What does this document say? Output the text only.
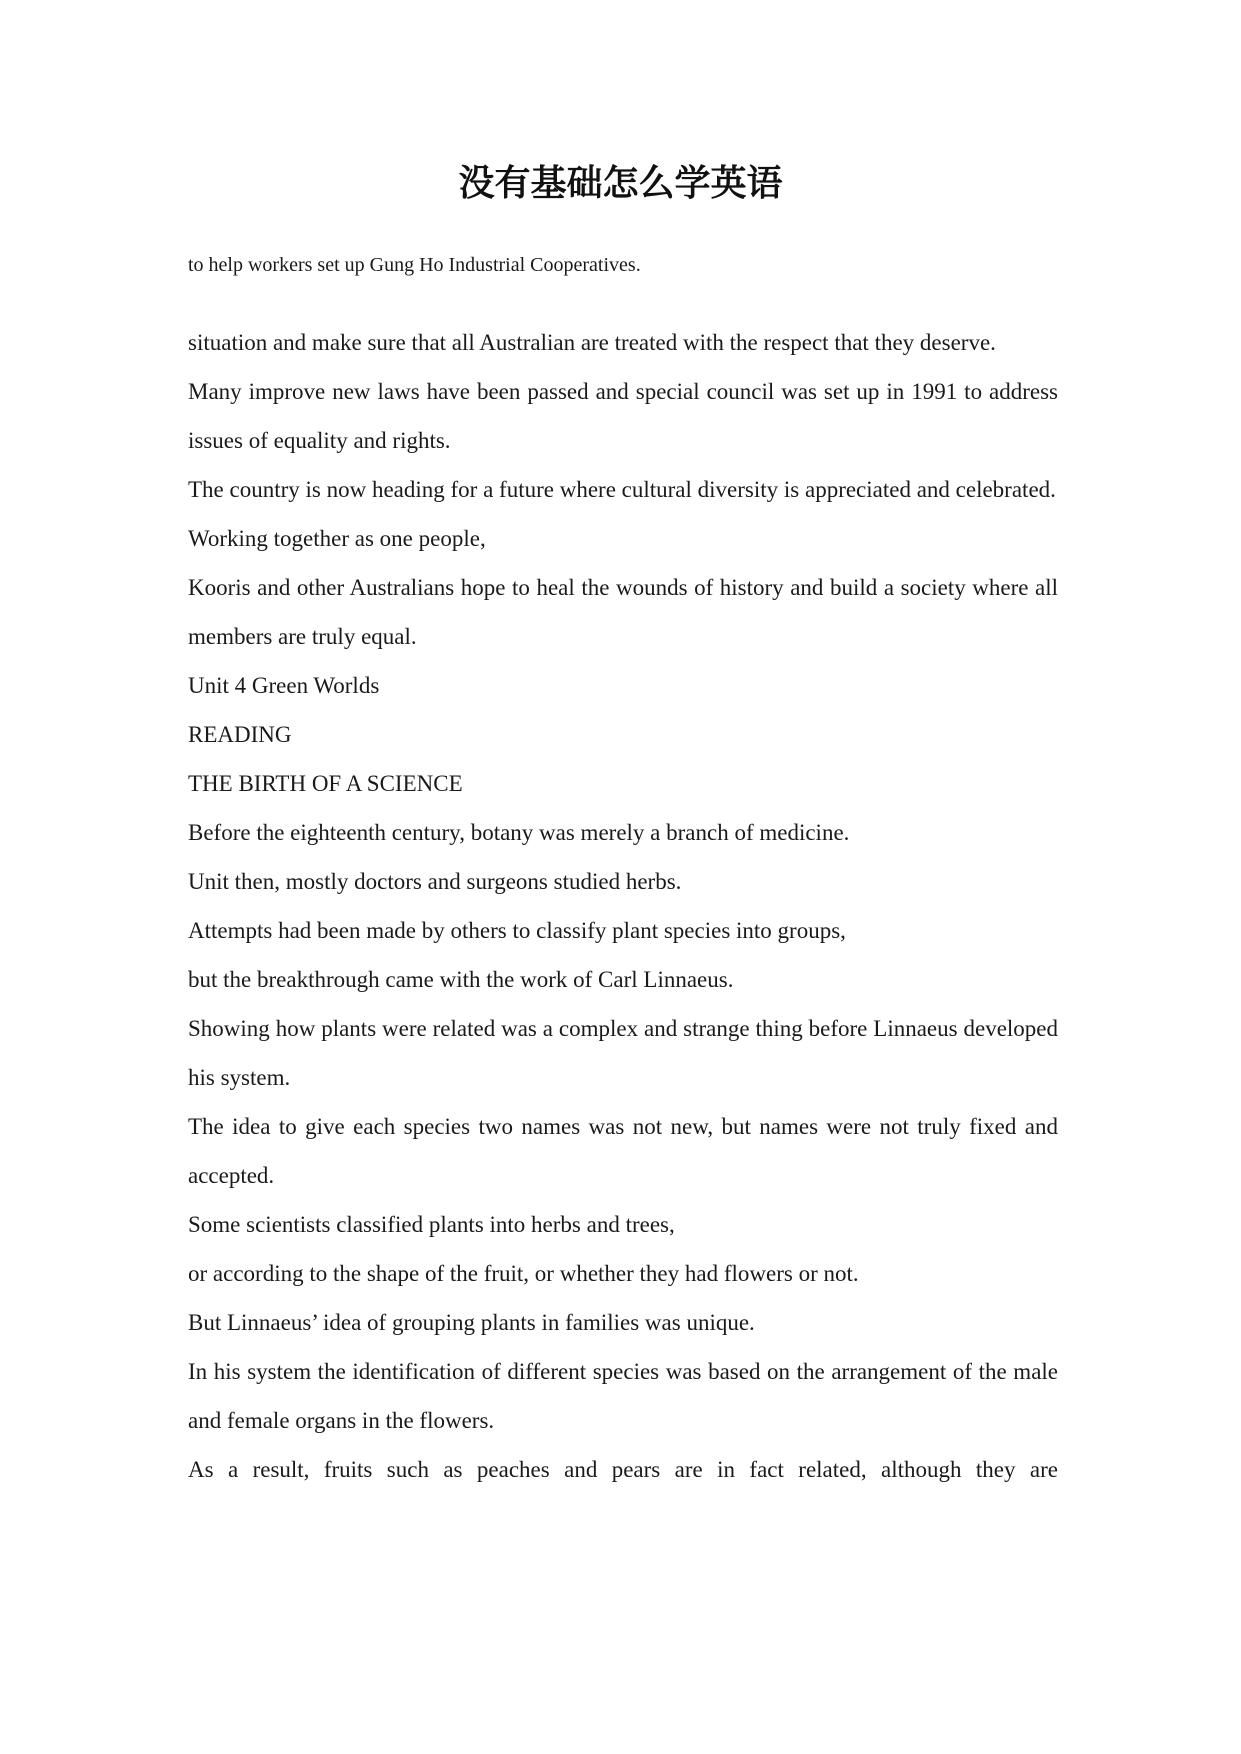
没有基础怎么学英语
to help workers set up Gung Ho Industrial Cooperatives.

situation and make sure that all Australian are treated with the respect that they deserve.

Many improve new laws have been passed and special council was set up in 1991 to address issues of equality and rights.

The country is now heading for a future where cultural diversity is appreciated and celebrated.

Working together as one people,

Kooris and other Australians hope to heal the wounds of history and build a society where all members are truly equal.

Unit 4 Green Worlds

READING

THE BIRTH OF A SCIENCE

Before the eighteenth century, botany was merely a branch of medicine.

Unit then, mostly doctors and surgeons studied herbs.

Attempts had been made by others to classify plant species into groups,

but the breakthrough came with the work of Carl Linnaeus.

Showing how plants were related was a complex and strange thing before Linnaeus developed his system.

The idea to give each species two names was not new, but names were not truly fixed and accepted.

Some scientists classified plants into herbs and trees,

or according to the shape of the fruit, or whether they had flowers or not.

But Linnaeus’ idea of grouping plants in families was unique.

In his system the identification of different species was based on the arrangement of the male and female organs in the flowers.

As a result, fruits such as peaches and pears are in fact related, although they are
